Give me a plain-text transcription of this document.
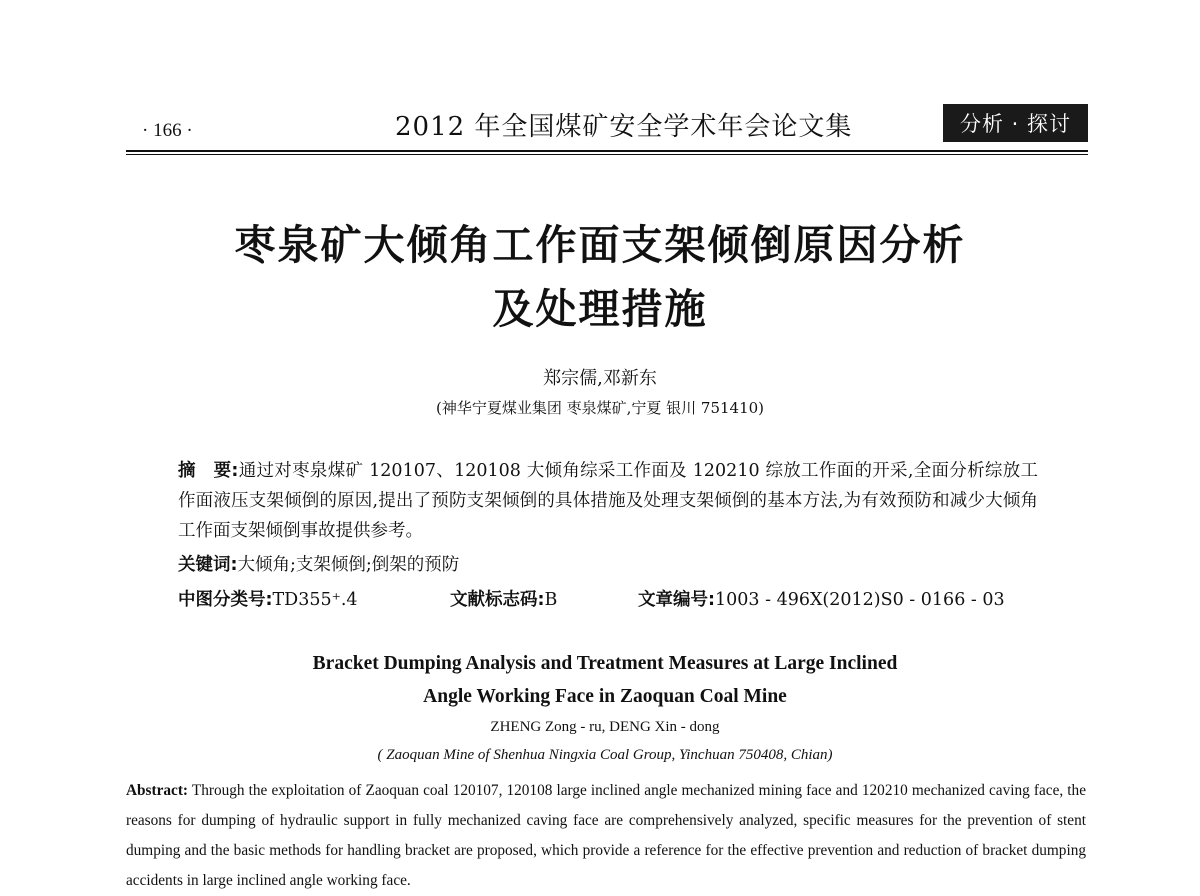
· 166 ·	2012 年全国煤矿安全学术年会论文集	分析 · 探讨
枣泉矿大倾角工作面支架倾倒原因分析
及处理措施
郑宗儒,邓新东
(神华宁夏煤业集团 枣泉煤矿,宁夏 银川 751410)
摘　要:通过对枣泉煤矿 120107、120108 大倾角综采工作面及 120210 综放工作面的开采,全面分析综放工作面液压支架倾倒的原因,提出了预防支架倾倒的具体措施及处理支架倾倒的基本方法,为有效预防和减少大倾角工作面支架倾倒事故提供参考。
关键词:大倾角;支架倾倒;倒架的预防
中图分类号:TD355⁺.4	文献标志码:B	文章编号:1003 - 496X(2012)S0 - 0166 - 03
Bracket Dumping Analysis and Treatment Measures at Large Inclined
Angle Working Face in Zaoquan Coal Mine
ZHENG Zong - ru, DENG Xin - dong
( Zaoquan Mine of Shenhua Ningxia Coal Group, Yinchuan 750408, Chian)
Abstract: Through the exploitation of Zaoquan coal 120107, 120108 large inclined angle mechanized mining face and 120210 mechanized caving face, the reasons for dumping of hydraulic support in fully mechanized caving face are comprehensively analyzed, specific measures for the prevention of stent dumping and the basic methods for handling bracket are proposed, which provide a reference for the effective prevention and reduction of bracket dumping accidents in large inclined angle working face.
